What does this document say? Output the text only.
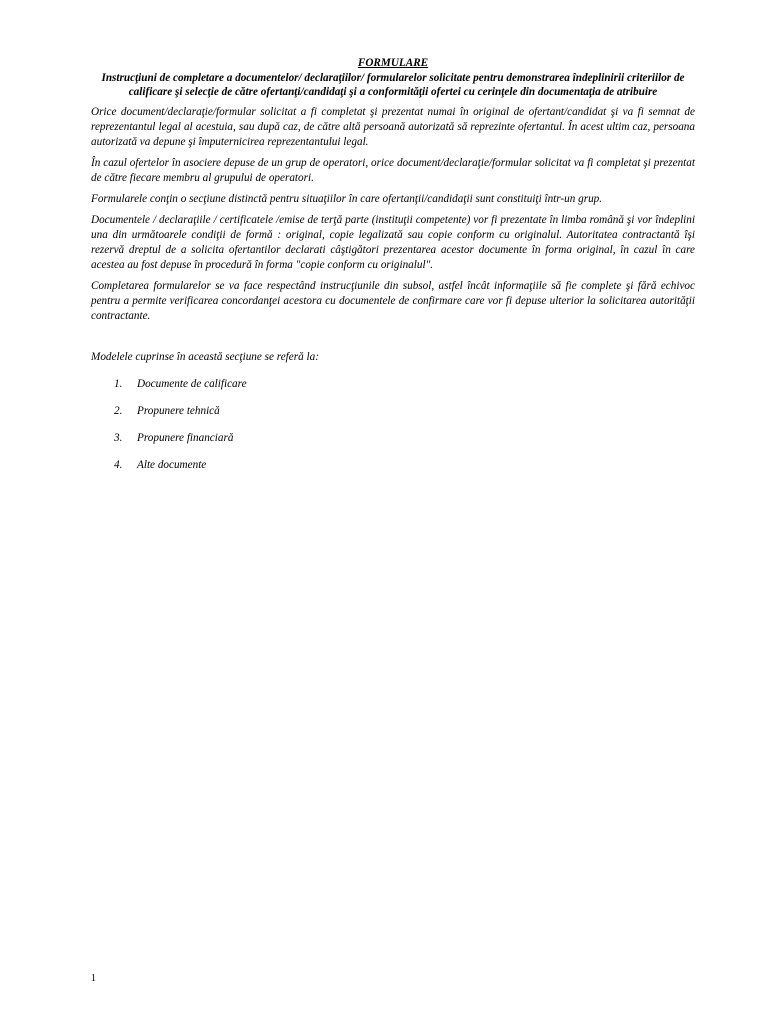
FORMULARE

Instrucţiuni de completare a documentelor/ declaraţiilor/ formularelor solicitate pentru demonstrarea îndeplinirii criteriilor de calificare şi selecţie de către ofertanţi/candidaţi şi a conformităţii ofertei cu cerinţele din documentaţia de atribuire

Orice document/declaraţie/formular solicitat a fi completat şi prezentat numai în original de ofertant/candidat şi va fi semnat de reprezentantul legal al acestuia, sau după caz, de către altă persoană autorizată să reprezinte ofertantul. În acest ultim caz, persoana autorizată va depune şi împuternicirea reprezentantului legal.

În cazul ofertelor în asociere depuse de un grup de operatori, orice document/declaraţie/formular solicitat va fi completat şi prezentat de către fiecare membru al grupului de operatori.

Formularele conţin o secţiune distinctă pentru situaţiilor în care ofertanţii/candidaţii sunt constituiţi într-un grup.

Documentele / declaraţiile / certificatele /emise de terţă parte (instituţii competente) vor fi prezentate în limba română şi vor îndeplini una din următoarele condiţii de formă : original, copie legalizată sau copie conform cu originalul. Autoritatea contractantă îşi rezervă dreptul de a solicita ofertantilor declarati câştigători prezentarea acestor documente în forma original, în cazul în care acestea au fost depuse în procedură în forma "copie conform cu originalul".

Completarea formularelor se va face respectând instrucţiunile din subsol, astfel încât informaţiile să fie complete şi fără echivoc pentru a permite verificarea concordanţei acestora cu documentele de confirmare care vor fi depuse ulterior la solicitarea autorităţii contractante.

Modelele cuprinse în această secţiune se referă la:

1.	Documente de calificare
2.	Propunere tehnică
3.	Propunere financiară
4.	Alte documente
1
